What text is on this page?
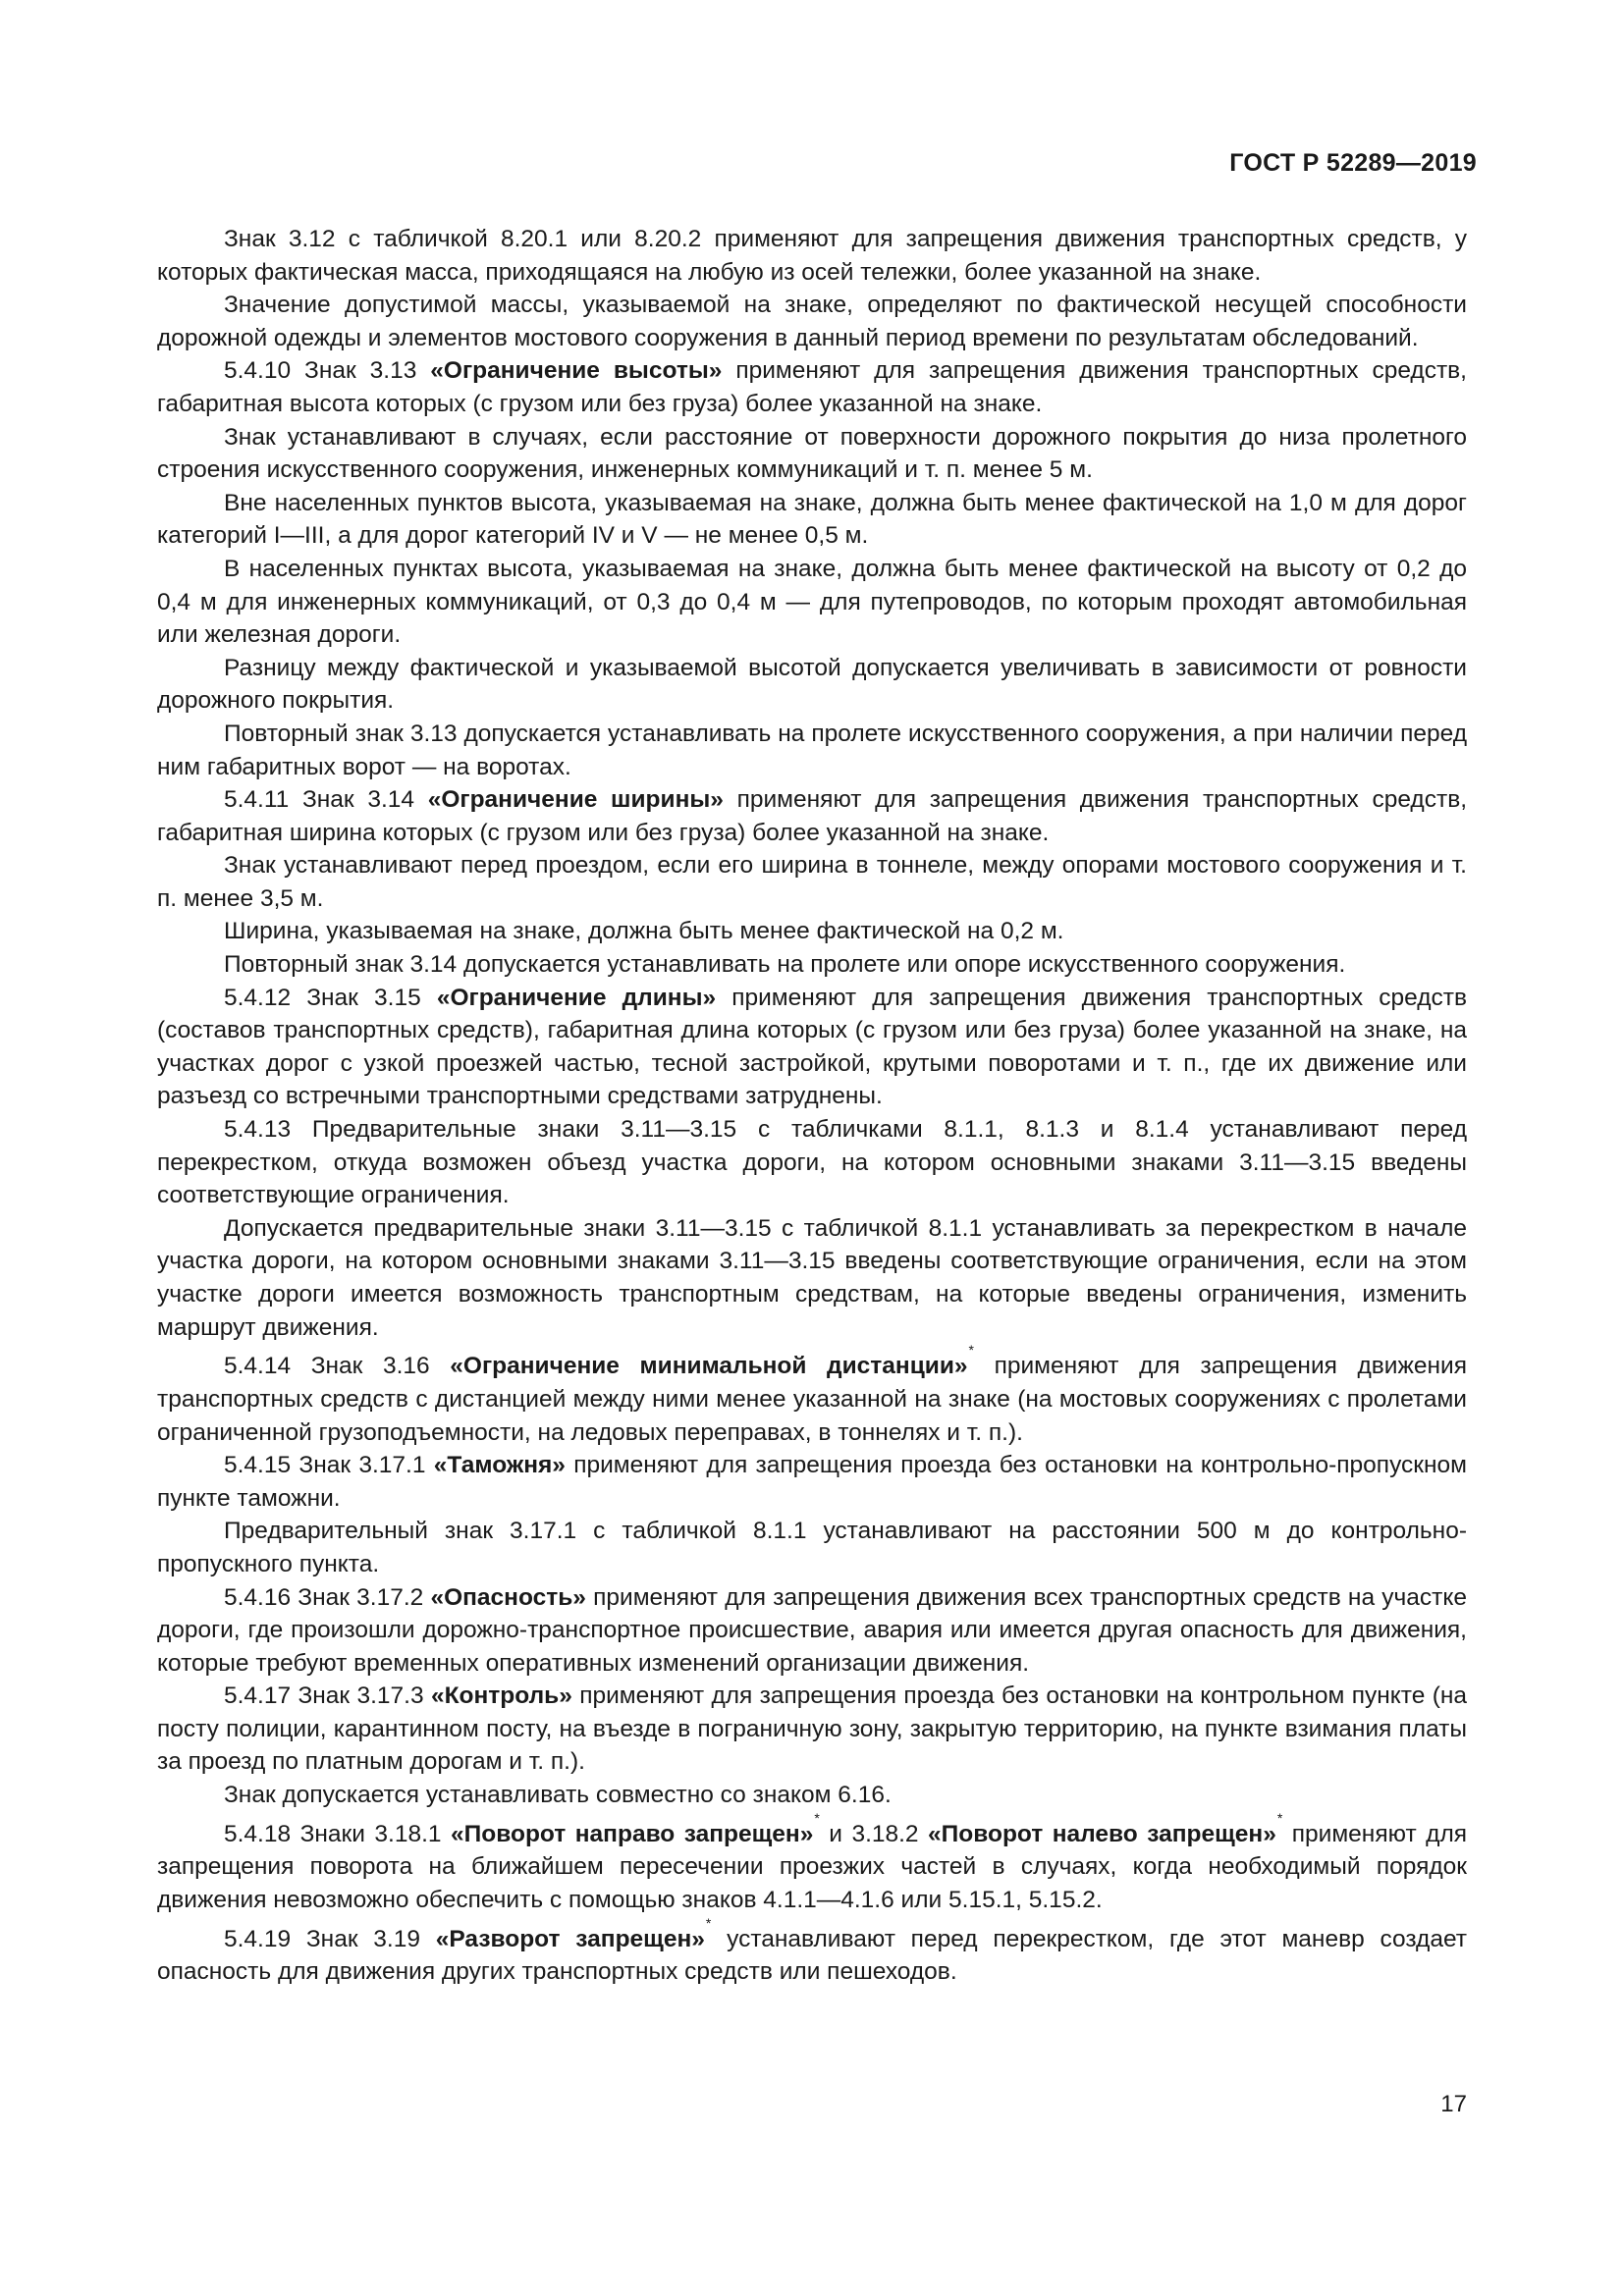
ГОСТ Р 52289—2019

Знак 3.12 с табличкой 8.20.1 или 8.20.2 применяют для запрещения движения транспортных средств, у которых фактическая масса, приходящаяся на любую из осей тележки, более указанной на знаке.

Значение допустимой массы, указываемой на знаке, определяют по фактической несущей способности дорожной одежды и элементов мостового сооружения в данный период времени по результатам обследований.

5.4.10 Знак 3.13 «Ограничение высоты» применяют для запрещения движения транспортных средств, габаритная высота которых (с грузом или без груза) более указанной на знаке.

Знак устанавливают в случаях, если расстояние от поверхности дорожного покрытия до низа пролетного строения искусственного сооружения, инженерных коммуникаций и т. п. менее 5 м.

Вне населенных пунктов высота, указываемая на знаке, должна быть менее фактической на 1,0 м для дорог категорий I—III, а для дорог категорий IV и V — не менее 0,5 м.

В населенных пунктах высота, указываемая на знаке, должна быть менее фактической на высоту от 0,2 до 0,4 м для инженерных коммуникаций, от 0,3 до 0,4 м — для путепроводов, по которым проходят автомобильная или железная дороги.

Разницу между фактической и указываемой высотой допускается увеличивать в зависимости от ровности дорожного покрытия.

Повторный знак 3.13 допускается устанавливать на пролете искусственного сооружения, а при наличии перед ним габаритных ворот — на воротах.

5.4.11 Знак 3.14 «Ограничение ширины» применяют для запрещения движения транспортных средств, габаритная ширина которых (с грузом или без груза) более указанной на знаке.

Знак устанавливают перед проездом, если его ширина в тоннеле, между опорами мостового сооружения и т. п. менее 3,5 м.

Ширина, указываемая на знаке, должна быть менее фактической на 0,2 м.

Повторный знак 3.14 допускается устанавливать на пролете или опоре искусственного сооружения.

5.4.12 Знак 3.15 «Ограничение длины» применяют для запрещения движения транспортных средств (составов транспортных средств), габаритная длина которых (с грузом или без груза) более указанной на знаке, на участках дорог с узкой проезжей частью, тесной застройкой, крутыми поворотами и т. п., где их движение или разъезд со встречными транспортными средствами затруднены.

5.4.13 Предварительные знаки 3.11—3.15 с табличками 8.1.1, 8.1.3 и 8.1.4 устанавливают перед перекрестком, откуда возможен объезд участка дороги, на котором основными знаками 3.11—3.15 введены соответствующие ограничения.

Допускается предварительные знаки 3.11—3.15 с табличкой 8.1.1 устанавливать за перекрестком в начале участка дороги, на котором основными знаками 3.11—3.15 введены соответствующие ограничения, если на этом участке дороги имеется возможность транспортным средствам, на которые введены ограничения, изменить маршрут движения.

5.4.14 Знак 3.16 «Ограничение минимальной дистанции»* применяют для запрещения движения транспортных средств с дистанцией между ними менее указанной на знаке (на мостовых сооружениях с пролетами ограниченной грузоподъемности, на ледовых переправах, в тоннелях и т. п.).

5.4.15 Знак 3.17.1 «Таможня» применяют для запрещения проезда без остановки на контрольно-пропускном пункте таможни.

Предварительный знак 3.17.1 с табличкой 8.1.1 устанавливают на расстоянии 500 м до контрольно-пропускного пункта.

5.4.16 Знак 3.17.2 «Опасность» применяют для запрещения движения всех транспортных средств на участке дороги, где произошли дорожно-транспортное происшествие, авария или имеется другая опасность для движения, которые требуют временных оперативных изменений организации движения.

5.4.17 Знак 3.17.3 «Контроль» применяют для запрещения проезда без остановки на контрольном пункте (на посту полиции, карантинном посту, на въезде в пограничную зону, закрытую территорию, на пункте взимания платы за проезд по платным дорогам и т. п.).

Знак допускается устанавливать совместно со знаком 6.16.

5.4.18 Знаки 3.18.1 «Поворот направо запрещен»* и 3.18.2 «Поворот налево запрещен»* применяют для запрещения поворота на ближайшем пересечении проезжих частей в случаях, когда необходимый порядок движения невозможно обеспечить с помощью знаков 4.1.1—4.1.6 или 5.15.1, 5.15.2.

5.4.19 Знак 3.19 «Разворот запрещен»* устанавливают перед перекрестком, где этот маневр создает опасность для движения других транспортных средств или пешеходов.

17
